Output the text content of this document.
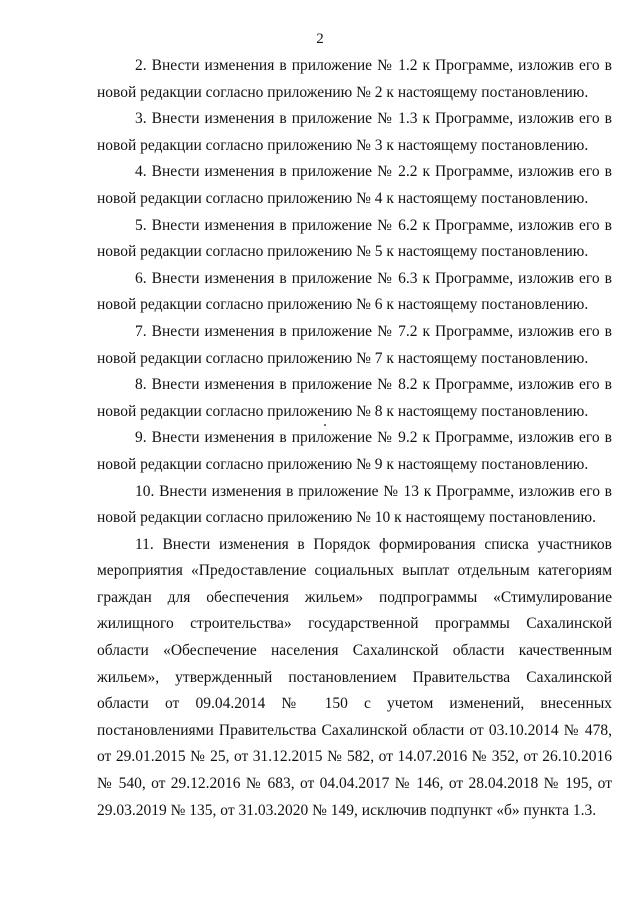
2

2. Внести изменения в приложение № 1.2 к Программе, изложив его в новой редакции согласно приложению № 2 к настоящему постановлению.

3. Внести изменения в приложение № 1.3 к Программе, изложив его в новой редакции согласно приложению № 3 к настоящему постановлению.

4. Внести изменения в приложение № 2.2 к Программе, изложив его в новой редакции согласно приложению № 4 к настоящему постановлению.

5. Внести изменения в приложение № 6.2 к Программе, изложив его в новой редакции согласно приложению № 5 к настоящему постановлению.

6. Внести изменения в приложение № 6.3 к Программе, изложив его в новой редакции согласно приложению № 6 к настоящему постановлению.

7. Внести изменения в приложение № 7.2 к Программе, изложив его в новой редакции согласно приложению № 7 к настоящему постановлению.

8. Внести изменения в приложение № 8.2 к Программе, изложив его в новой редакции согласно приложению № 8 к настоящему постановлению.

9. Внести изменения в приложение № 9.2 к Программе, изложив его в новой редакции согласно приложению № 9 к настоящему постановлению.

10. Внести изменения в приложение № 13 к Программе, изложив его в новой редакции согласно приложению № 10 к настоящему постановлению.

11. Внести изменения в Порядок формирования списка участников мероприятия «Предоставление социальных выплат отдельным категориям граждан для обеспечения жильем» подпрограммы «Стимулирование жилищного строительства» государственной программы Сахалинской области «Обеспечение населения Сахалинской области качественным жильем», утвержденный постановлением Правительства Сахалинской области от 09.04.2014 № 150 с учетом изменений, внесенных постановлениями Правительства Сахалинской области от 03.10.2014 № 478, от 29.01.2015 № 25, от 31.12.2015 № 582, от 14.07.2016 № 352, от 26.10.2016 № 540, от 29.12.2016 № 683, от 04.04.2017 № 146, от 28.04.2018 № 195, от 29.03.2019 № 135, от 31.03.2020 № 149, исключив подпункт «б» пункта 1.3.
